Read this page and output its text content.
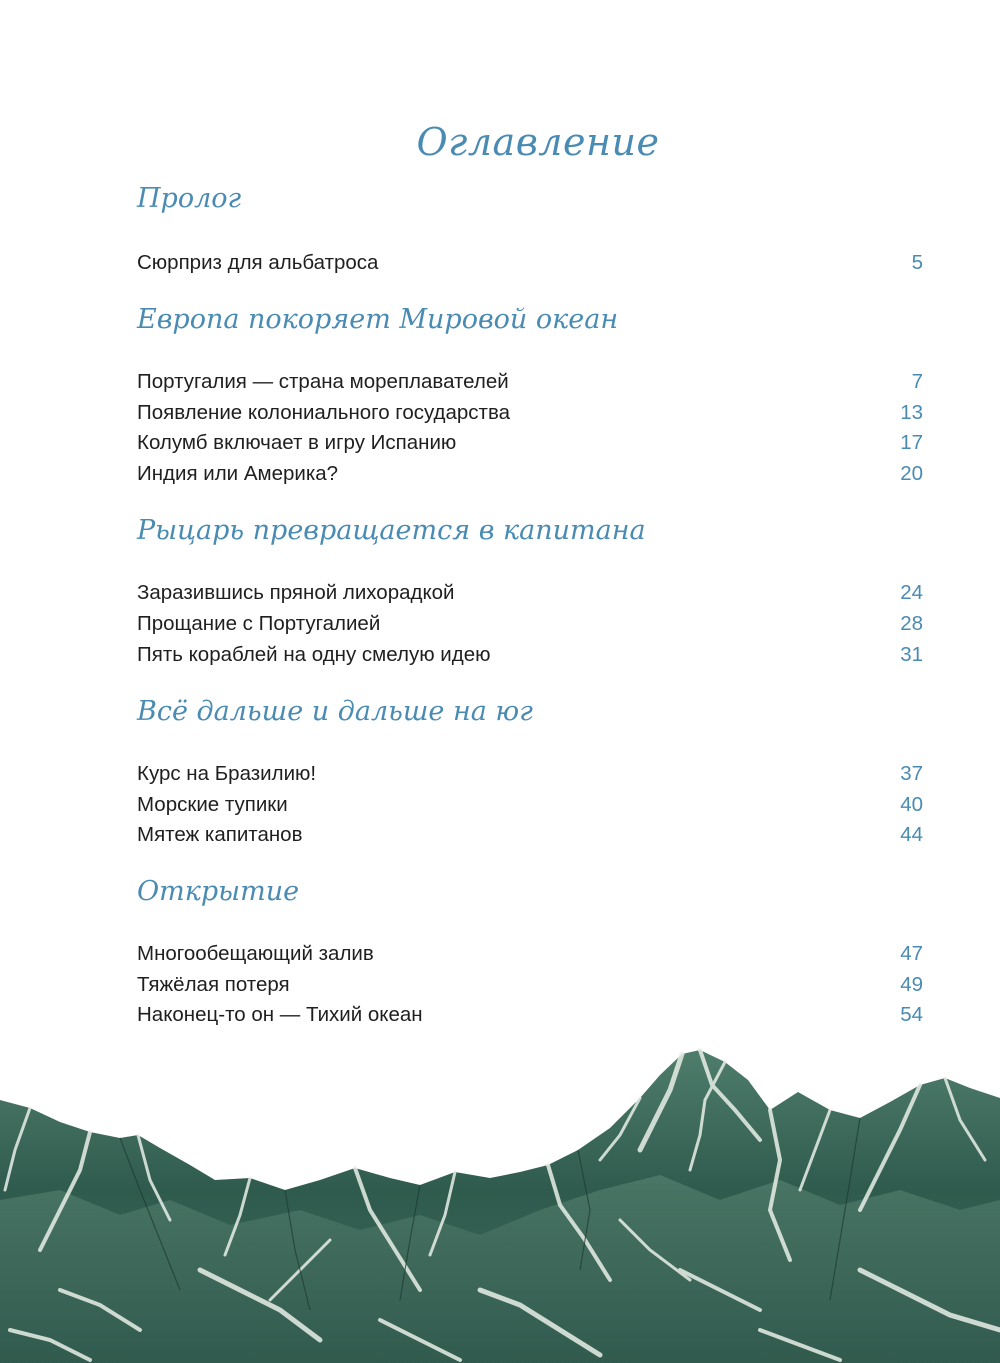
Оглавление
Пролог
Сюрприз для альбатроса	5
Европа покоряет Мировой океан
Португалия — страна мореплавателей	7
Появление колониального государства	13
Колумб включает в игру Испанию	17
Индия или Америка?	20
Рыцарь превращается в капитана
Заразившись пряной лихорадкой	24
Прощание с Португалией	28
Пять кораблей на одну смелую идею	31
Всё дальше и дальше на юг
Курс на Бразилию!	37
Морские тупики	40
Мятеж капитанов	44
Открытие
Многообещающий залив	47
Тяжёлая потеря	49
Наконец-то он — Тихий океан	54
